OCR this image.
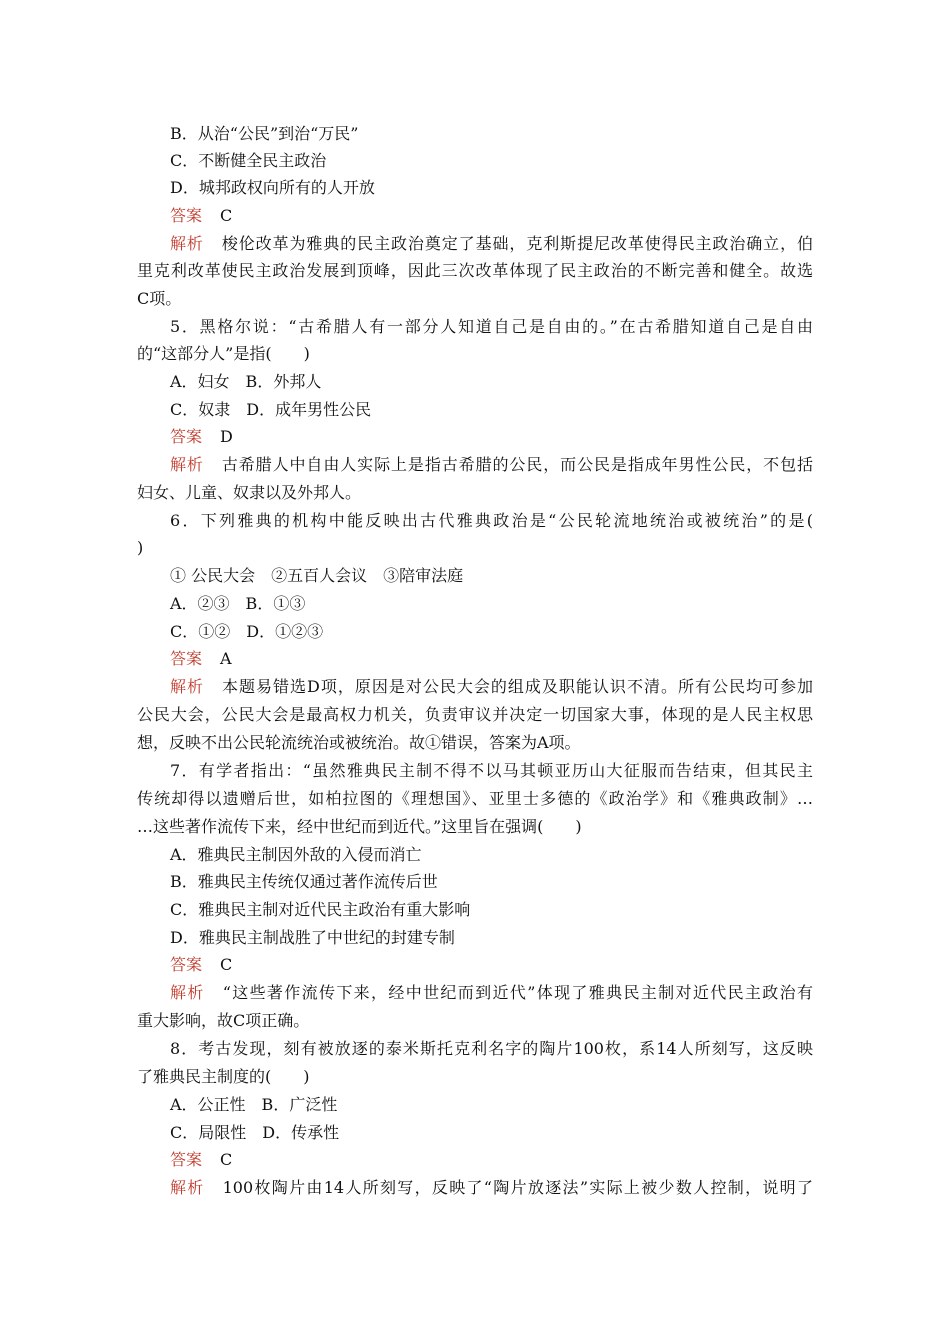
B．从治“公民”到治“万民”
C．不断健全民主政治
D．城邦政权向所有的人开放
答案 C
解析 梭伦改革为雅典的民主政治奠定了基础，克利斯提尼改革使得民主政治确立，伯
里克利改革使民主政治发展到顶峰，因此三次改革体现了民主政治的不断完善和健全。故选
C项。
5．黑格尔说：“古希腊人有一部分人知道自己是自由的。”在古希腊知道自己是自由
的“这部分人”是指(　　)
A．妇女　B．外邦人
C．奴隶　D．成年男性公民
答案 D
解析 古希腊人中自由人实际上是指古希腊的公民，而公民是指成年男性公民，不包括
妇女、儿童、奴隶以及外邦人。
6．下列雅典的机构中能反映出古代雅典政治是“公民轮流地统治或被统治”的是(
)
① 公民大会　②五百人会议　③陪审法庭
A．②③　B．①③
C．①②　D．①②③
答案 A
解析 本题易错选D项，原因是对公民大会的组成及职能认识不清。所有公民均可参加
公民大会，公民大会是最高权力机关，负责审议并决定一切国家大事，体现的是人民主权思
想，反映不出公民轮流统治或被统治。故①错误，答案为A项。
7．有学者指出：“虽然雅典民主制不得不以马其顿亚历山大征服而告结束，但其民主
传统却得以遗赠后世，如柏拉图的《理想国》、亚里士多德的《政治学》和《雅典政制》…
…这些著作流传下来，经中世纪而到近代。”这里旨在强调(　　)
A．雅典民主制因外敌的入侵而消亡
B．雅典民主传统仅通过著作流传后世
C．雅典民主制对近代民主政治有重大影响
D．雅典民主制战胜了中世纪的封建专制
答案 C
解析 “这些著作流传下来，经中世纪而到近代”体现了雅典民主制对近代民主政治有
重大影响，故C项正确。
8．考古发现，刻有被放逐的泰米斯托克利名字的陶片100枚，系14人所刻写，这反映
了雅典民主制度的(　　)
A．公正性　B．广泛性
C．局限性　D．传承性
答案 C
解析 100枚陶片由14人所刻写，反映了“陶片放逐法”实际上被少数人控制，说明了
